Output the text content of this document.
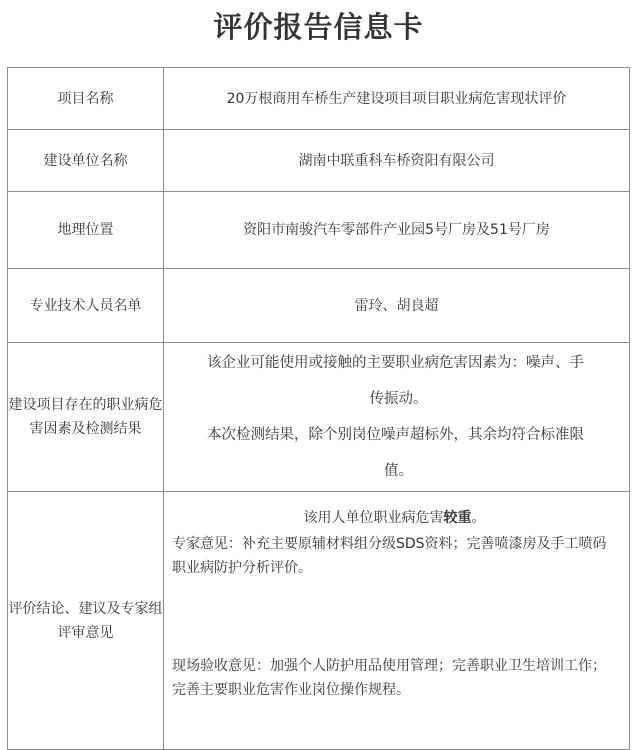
评价报告信息卡
项目名称	20万根商用车桥生产建设项目项目职业病危害现状评价
建设单位名称	湖南中联重科车桥资阳有限公司
地理位置	资阳市南骏汽车零部件产业园5号厂房及51号厂房
专业技术人员名单	雷玲、胡良超
建设项目存在的职业病危害因素及检测结果	该企业可能使用或接触的主要职业病危害因素为：噪声、手
传振动。

本次检测结果，除个别岗位噪声超标外，其余均符合标准限
值。

评价结论、建议及专家组评审意见	该用人单位职业病危害较重。

专家意见：补充主要原辅材料组分级SDS资料；完善喷漆房及手工喷码职业病防护分析评价。

现场验收意见：加强个人防护用品使用管理；完善职业卫生培训工作；完善主要职业危害作业岗位操作规程。
